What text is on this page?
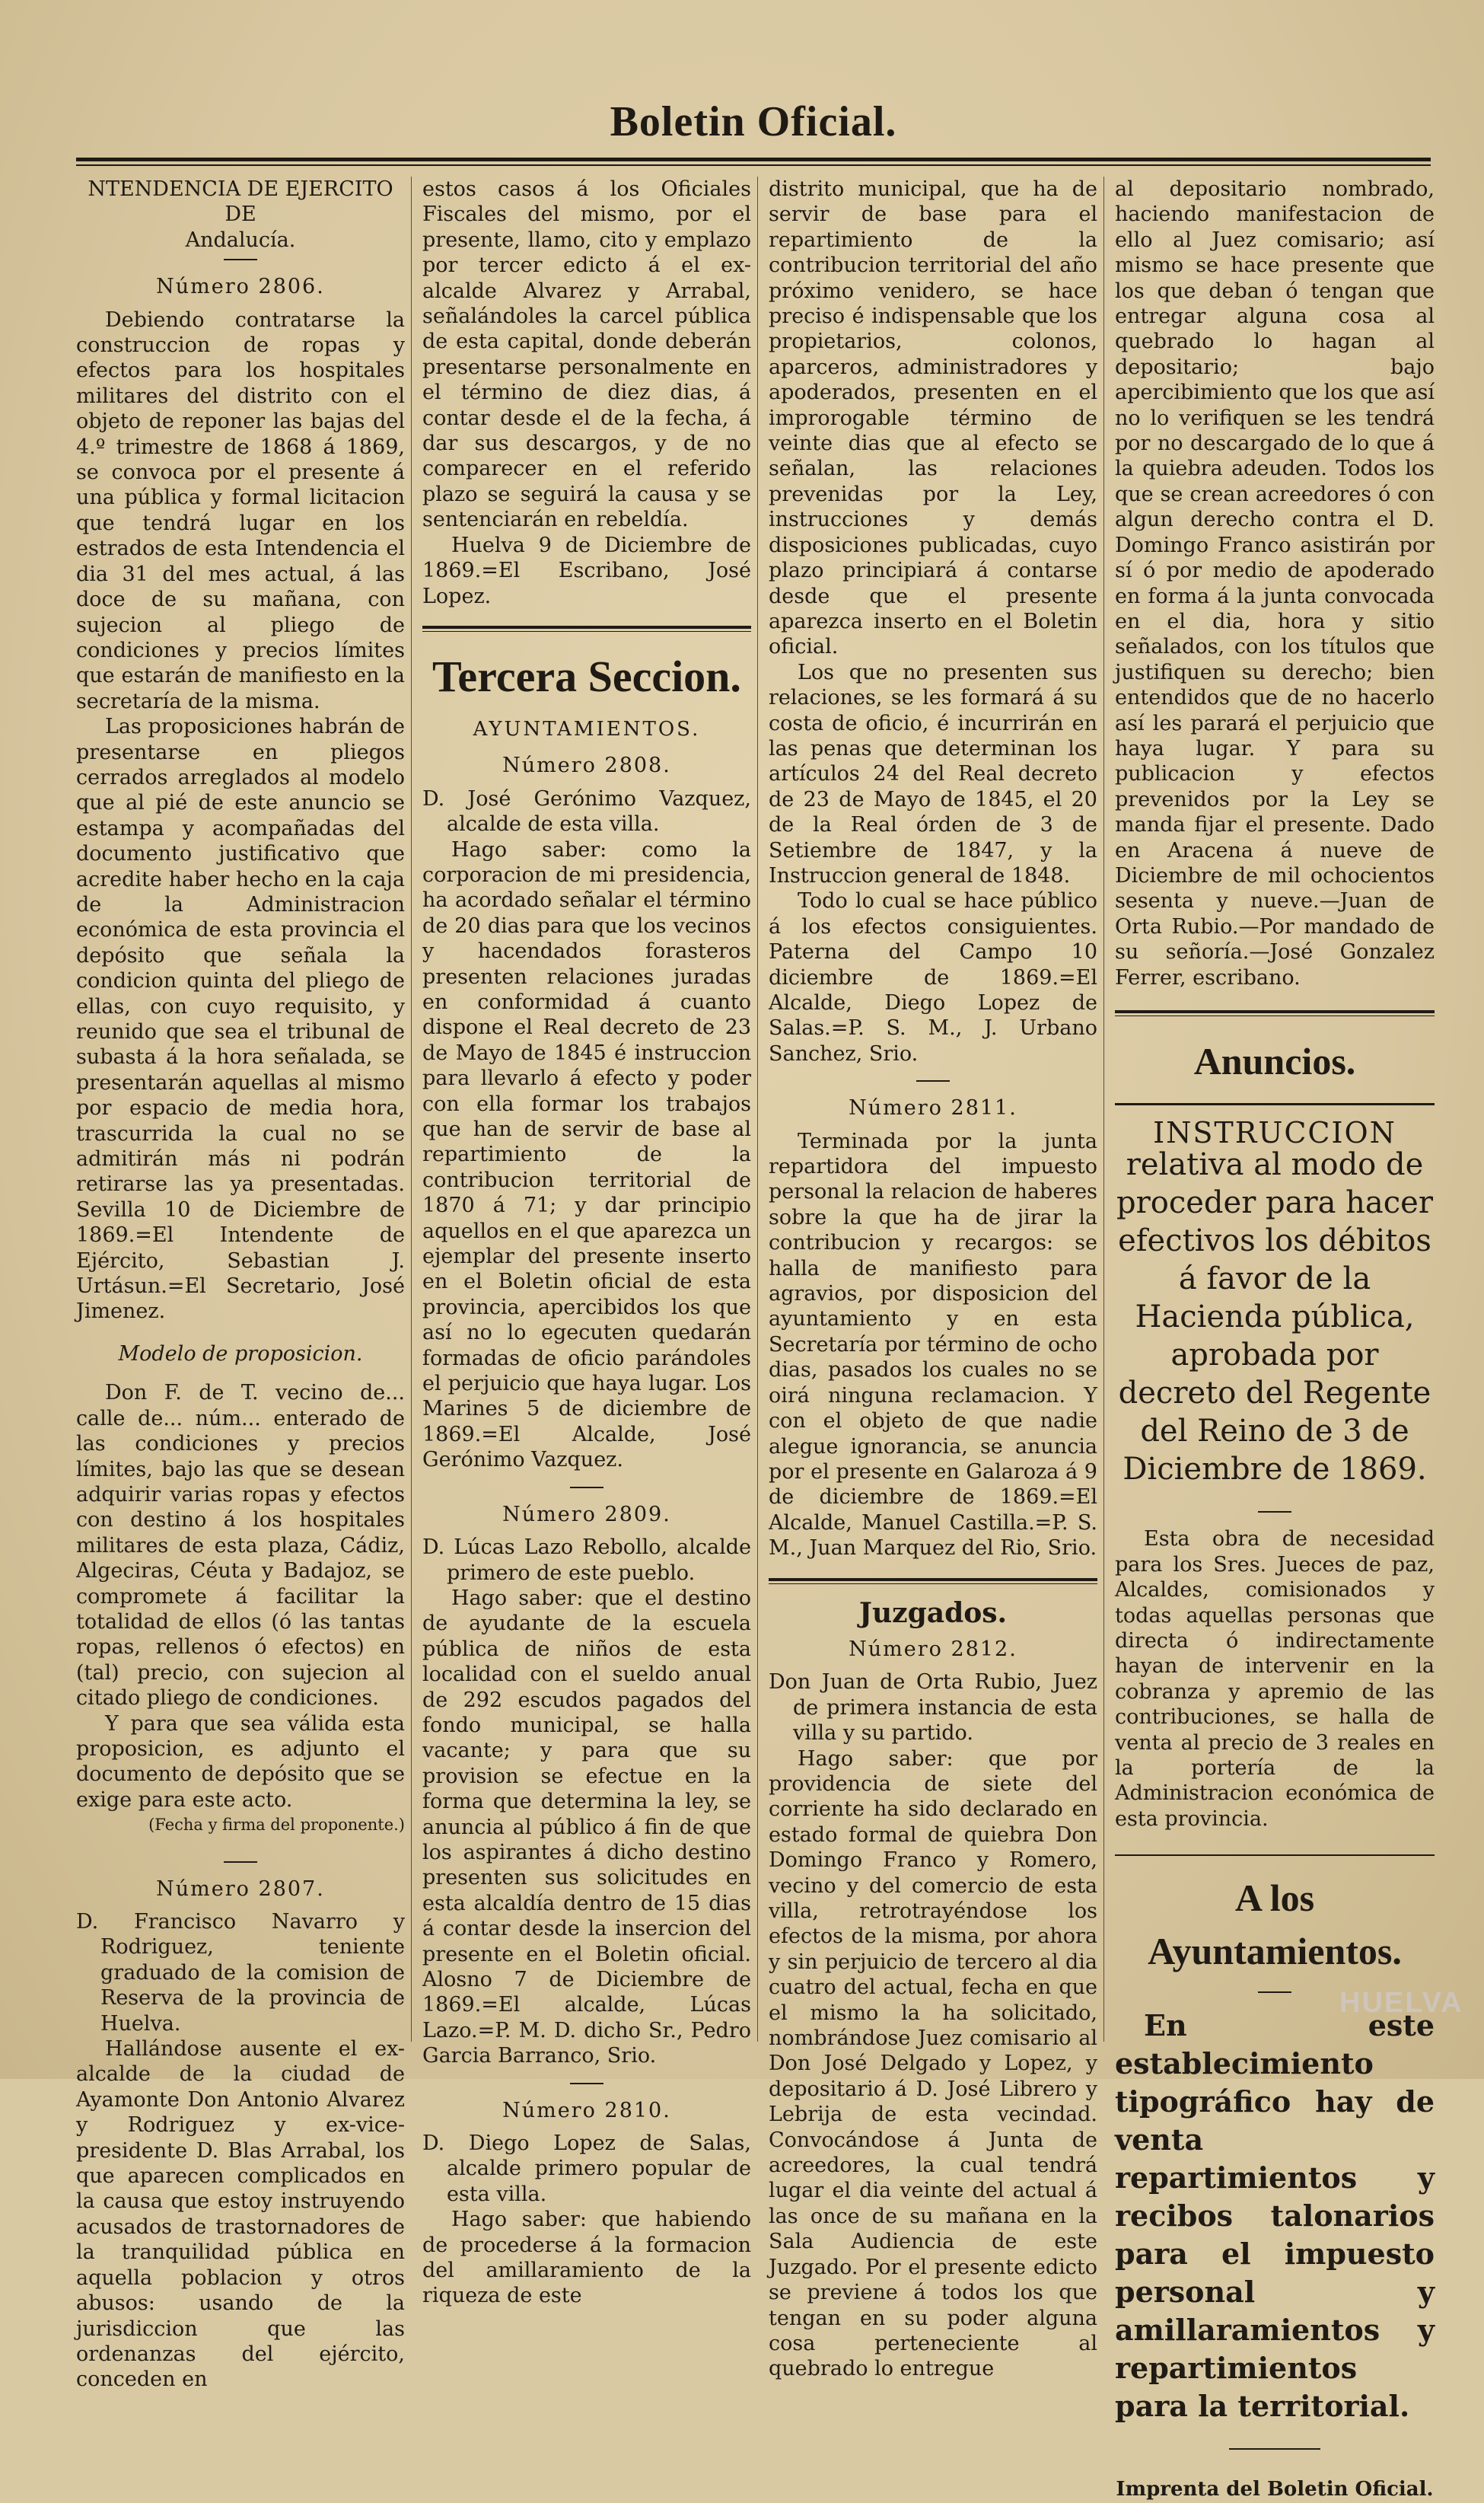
Boletin Oficial.

NTENDENCIA DE EJERCITO DE

Andalucía.

Número 2806.

Debiendo contratarse la construccion de ropas y efectos para los hospitales militares del distrito con el objeto de reponer las bajas del 4.º trimestre de 1868 á 1869, se convoca por el presente á una pública y formal licitacion que tendrá lugar en los estrados de esta Intendencia el dia 31 del mes actual, á las doce de su mañana, con sujecion al pliego de condiciones y precios límites que estarán de manifiesto en la secretaría de la misma.

Las proposiciones habrán de presentarse en pliegos cerrados arreglados al modelo que al pié de este anuncio se estampa y acompañadas del documento justificativo que acredite haber hecho en la caja de la Administracion económica de esta provincia el depósito que señala la condicion quinta del pliego de ellas, con cuyo requisito, y reunido que sea el tribunal de subasta á la hora señalada, se presentarán aquellas al mismo por espacio de media hora, trascurrida la cual no se admitirán más ni podrán retirarse las ya presentadas. Sevilla 10 de Diciembre de 1869.=El Intendente de Ejército, Sebastian J. Urtásun.=El Secretario, José Jimenez.

Modelo de proposicion.

Don F. de T. vecino de... calle de... núm... enterado de las condiciones y precios límites, bajo las que se desean adquirir varias ropas y efectos con destino á los hospitales militares de esta plaza, Cádiz, Algeciras, Céuta y Badajoz, se compromete á facilitar la totalidad de ellos (ó las tantas ropas, rellenos ó efectos) en (tal) precio, con sujecion al citado pliego de condiciones.

Y para que sea válida esta proposicion, es adjunto el documento de depósito que se exige para este acto.

(Fecha y firma del proponente.)

Número 2807.

D. Francisco Navarro y Rodriguez, teniente graduado de la comision de Reserva de la provincia de Huelva.

Hallándose ausente el ex-alcalde de la ciudad de Ayamonte Don Antonio Alvarez y Rodriguez y ex-vice-presidente D. Blas Arrabal, los que aparecen complicados en la causa que estoy instruyendo acusados de trastornadores de la tranquilidad pública en aquella poblacion y otros abusos: usando de la jurisdiccion que las ordenanzas del ejército, conceden en

estos casos á los Oficiales Fiscales del mismo, por el presente, llamo, cito y emplazo por tercer edicto á el ex-alcalde Alvarez y Arrabal, señalándoles la carcel pública de esta capital, donde deberán presentarse personalmente en el término de diez dias, á contar desde el de la fecha, á dar sus descargos, y de no comparecer en el referido plazo se seguirá la causa y se sentenciarán en rebeldía.

Huelva 9 de Diciembre de 1869.=El Escribano, José Lopez.

Tercera Seccion.
AYUNTAMIENTOS.

Número 2808.

D. José Gerónimo Vazquez, alcalde de esta villa.

Hago saber: como la corporacion de mi presidencia, ha acordado señalar el término de 20 dias para que los vecinos y hacendados forasteros presenten relaciones juradas en conformidad á cuanto dispone el Real decreto de 23 de Mayo de 1845 é instruccion para llevarlo á efecto y poder con ella formar los trabajos que han de servir de base al repartimiento de la contribucion territorial de 1870 á 71; y dar principio aquellos en el que aparezca un ejemplar del presente inserto en el Boletin oficial de esta provincia, apercibidos los que así no lo egecuten quedarán formadas de oficio parándoles el perjuicio que haya lugar. Los Marines 5 de diciembre de 1869.=El Alcalde, José Gerónimo Vazquez.

Número 2809.

D. Lúcas Lazo Rebollo, alcalde primero de este pueblo.

Hago saber: que el destino de ayudante de la escuela pública de niños de esta localidad con el sueldo anual de 292 escudos pagados del fondo municipal, se halla vacante; y para que su provision se efectue en la forma que determina la ley, se anuncia al público á fin de que los aspirantes á dicho destino presenten sus solicitudes en esta alcaldía dentro de 15 dias á contar desde la insercion del presente en el Boletin oficial. Alosno 7 de Diciembre de 1869.=El alcalde, Lúcas Lazo.=P. M. D. dicho Sr., Pedro Garcia Barranco, Srio.

Número 2810.

D. Diego Lopez de Salas, alcalde primero popular de esta villa.

Hago saber: que habiendo de procederse á la formacion del amillaramiento de la riqueza de este

distrito municipal, que ha de servir de base para el repartimiento de la contribucion territorial del año próximo venidero, se hace preciso é indispensable que los propietarios, colonos, aparceros, administradores y apoderados, presenten en el improrogable término de veinte dias que al efecto se señalan, las relaciones prevenidas por la Ley, instrucciones y demás disposiciones publicadas, cuyo plazo principiará á contarse desde que el presente aparezca inserto en el Boletin oficial.

Los que no presenten sus relaciones, se les formará á su costa de oficio, é incurrirán en las penas que determinan los artículos 24 del Real decreto de 23 de Mayo de 1845, el 20 de la Real órden de 3 de Setiembre de 1847, y la Instruccion general de 1848.

Todo lo cual se hace público á los efectos consiguientes. Paterna del Campo 10 diciembre de 1869.=El Alcalde, Diego Lopez de Salas.=P. S. M., J. Urbano Sanchez, Srio.

Número 2811.

Terminada por la junta repartidora del impuesto personal la relacion de haberes sobre la que ha de jirar la contribucion y recargos: se halla de manifiesto para agravios, por disposicion del ayuntamiento y en esta Secretaría por término de ocho dias, pasados los cuales no se oirá ninguna reclamacion. Y con el objeto de que nadie alegue ignorancia, se anuncia por el presente en Galaroza á 9 de diciembre de 1869.=El Alcalde, Manuel Castilla.=P. S. M., Juan Marquez del Rio, Srio.

Juzgados.

Número 2812.

Don Juan de Orta Rubio, Juez de primera instancia de esta villa y su partido.

Hago saber: que por providencia de siete del corriente ha sido declarado en estado formal de quiebra Don Domingo Franco y Romero, vecino y del comercio de esta villa, retrotrayéndose los efectos de la misma, por ahora y sin perjuicio de tercero al dia cuatro del actual, fecha en que el mismo la ha solicitado, nombrándose Juez comisario al Don José Delgado y Lopez, y depositario á D. José Librero y Lebrija de esta vecindad. Convocándose á Junta de acreedores, la cual tendrá lugar el dia veinte del actual á las once de su mañana en la Sala Audiencia de este Juzgado. Por el presente edicto se previene á todos los que tengan en su poder alguna cosa perteneciente al quebrado lo entregue

al depositario nombrado, haciendo manifestacion de ello al Juez comisario; así mismo se hace presente que los que deban ó tengan que entregar alguna cosa al quebrado lo hagan al depositario; bajo apercibimiento que los que así no lo verifiquen se les tendrá por no descargado de lo que á la quiebra adeuden. Todos los que se crean acreedores ó con algun derecho contra el D. Domingo Franco asistirán por sí ó por medio de apoderado en forma á la junta convocada en el dia, hora y sitio señalados, con los títulos que justifiquen su derecho; bien entendidos que de no hacerlo así les parará el perjuicio que haya lugar. Y para su publicacion y efectos prevenidos por la Ley se manda fijar el presente. Dado en Aracena á nueve de Diciembre de mil ochocientos sesenta y nueve.—Juan de Orta Rubio.—Por mandado de su señoría.—José Gonzalez Ferrer, escribano.

Anuncios.
INSTRUCCION
relativa al modo de proceder para hacer efectivos los débitos á favor de la Hacienda pública, aprobada por decreto del Regente del Reino de 3 de Diciembre de 1869.

Esta obra de necesidad para los Sres. Jueces de paz, Alcaldes, comisionados y todas aquellas personas que directa ó indirectamente hayan de intervenir en la cobranza y apremio de las contribuciones, se halla de venta al precio de 3 reales en la portería de la Administracion económica de esta provincia.

A los Ayuntamientos.

En este establecimiento tipográfico hay de venta repartimientos y recibos talonarios para el impuesto personal y amillaramientos y repartimientos para la territorial.

Imprenta del Boletin Oficial.
HUELVA
